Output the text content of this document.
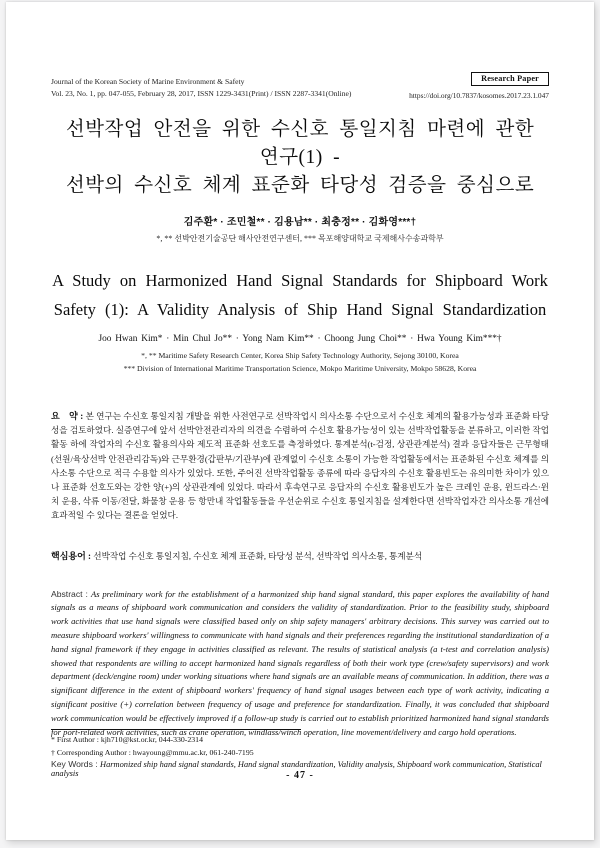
Journal of the Korean Society of Marine Environment & Safety
Vol. 23, No. 1, pp. 047-055, February 28, 2017, ISSN 1229-3431(Print) / ISSN 2287-3341(Online)
Research Paper
https://doi.org/10.7837/kosomes.2017.23.1.047
선박작업 안전을 위한 수신호 통일지침 마련에 관한 연구(1) -
선박의 수신호 체계 표준화 타당성 검증을 중심으로
김주환* · 조민철** · 김용남** · 최충정** · 김화영***†
*, ** 선박안전기술공단 해사안전연구센터, *** 목포해양대학교 국제해사수송과학부
A Study on Harmonized Hand Signal Standards for Shipboard Work
Safety (1): A Validity Analysis of Ship Hand Signal Standardization
Joo Hwan Kim* · Min Chul Jo** · Yong Nam Kim** · Choong Jung Choi** · Hwa Young Kim***†
*, ** Maritime Safety Research Center, Korea Ship Safety Technology Authority, Sejong 30100, Korea
*** Division of International Maritime Transportation Science, Mokpo Maritime University, Mokpo 58628, Korea

요    약 : 본 연구는 수신호 통일지침 개발을 위한 사전연구로 선박작업시 의사소통 수단으로서 수신호 체계의 활용가능성과 표준화 타당성을 검토하였다. 실증연구에 앞서 선박안전관리자의 의견을 수렴하여 수신호 활용가능성이 있는 선박작업활동을 분류하고, 이러한 작업활동 하에 작업자의 수신호 활용의사와 제도적 표준화 선호도를 측정하였다. 통계분석(t-검정, 상관관계분석) 결과 응답자들은 근무형태(선원/육상선박 안전관리감독)와 근무환경(갑판부/기관부)에 관계없이 수신호 소통이 가능한 작업활동에서는 표준화된 수신호 체계를 의사소통 수단으로 적극 수용할 의사가 있었다. 또한, 주어진 선박작업활동 종류에 따라 응답자의 수신호 활용빈도는 유의미한 차이가 있으나 표준화 선호도와는 강한 양(+)의 상관관계에 있었다. 따라서 후속연구로 응답자의 수신호 활용빈도가 높은 크레인 운용, 윈드라스·윈치 운용, 삭류 이동/전달, 화물창 운용 등 항만내 작업활동들을 우선순위로 수신호 통일지침을 설계한다면 선박작업자간 의사소통 개선에 효과적일 수 있다는 결론을 얻었다.

핵심용어 : 선박작업 수신호 통일지침, 수신호 체계 표준화, 타당성 분석, 선박작업 의사소통, 통계분석

Abstract : As preliminary work for the establishment of a harmonized ship hand signal standard, this paper explores the availability of hand signals as a means of shipboard work communication and considers the validity of standardization. Prior to the feasibility study, shipboard work activities that use hand signals were classified based only on ship safety managers' arbitrary decisions. This survey was carried out to measure shipboard workers' willingness to communicate with hand signals and their preferences regarding the institutional standardization of a hand signal framework if they engage in activities classified as relevant. The results of statistical analysis (a t-test and correlation analysis) showed that respondents are willing to accept harmonized hand signals regardless of both their work type (crew/safety supervisors) and work department (deck/engine room) under working situations where hand signals are an available means of communication. In addition, there was a significant difference in the extent of shipboard workers' frequency of hand signal usages between each type of work activity, indicating a significant positive (+) correlation between frequency of usage and preference for standardization. Finally, it was concluded that shipboard work communication would be effectively improved if a follow-up study is carried out to establish prioritized harmonized hand signal standards for port-related work activities, such as crane operation, windlass/winch operation, line movement/delivery and cargo hold operations.

Key Words : Harmonized ship hand signal standards, Hand signal standardization, Validity analysis, Shipboard work communication, Statistical analysis

* First Author : kjh710@kst.or.kr, 044-330-2314
† Corresponding Author : hwayoung@mmu.ac.kr, 061-240-7195
- 47 -
